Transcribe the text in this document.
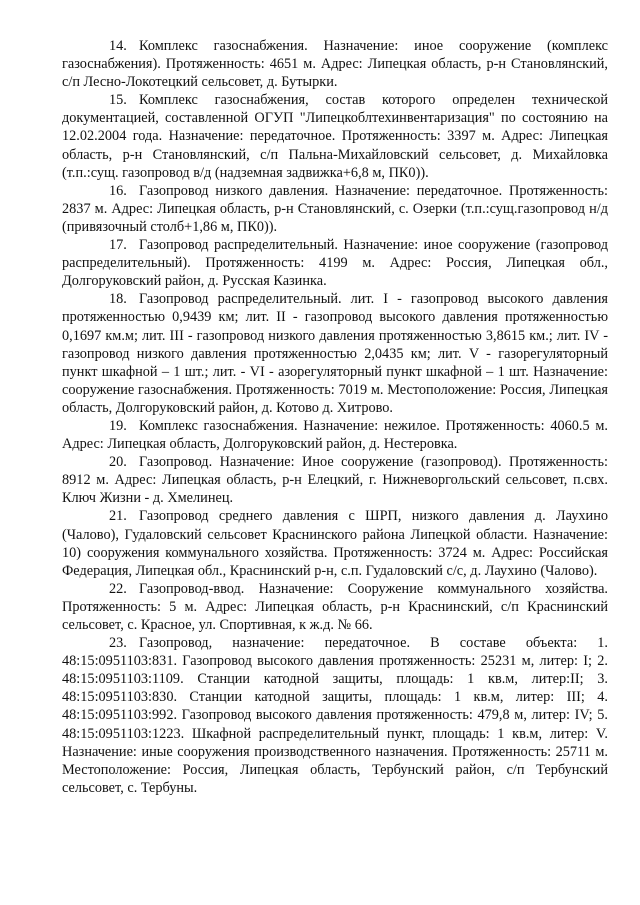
14. Комплекс газоснабжения. Назначение: иное сооружение (комплекс газоснабжения). Протяженность: 4651 м. Адрес: Липецкая область, р-н Становлянский, с/п Лесно-Локотецкий сельсовет, д. Бутырки.

15. Комплекс газоснабжения, состав которого определен технической документацией, составленной ОГУП "Липецкоблтехинвентаризация" по состоянию на 12.02.2004 года. Назначение: передаточное. Протяженность: 3397 м. Адрес: Липецкая область, р-н Становлянский, с/п Пальна-Михайловский сельсовет, д. Михайловка (т.п.:сущ. газопровод в/д (надземная задвижка+6,8 м, ПК0)).

16. Газопровод низкого давления. Назначение: передаточное. Протяженность: 2837 м. Адрес: Липецкая область, р-н Становлянский, с. Озерки (т.п.:сущ.газопровод н/д (привязочный столб+1,86 м, ПК0)).

17. Газопровод распределительный. Назначение: иное сооружение (газопровод распределительный). Протяженность: 4199 м. Адрес: Россия, Липецкая обл., Долгоруковский район, д. Русская Казинка.

18. Газопровод распределительный. лит. I - газопровод высокого давления протяженностью 0,9439 км; лит. II - газопровод высокого давления протяженностью 0,1697 км.м; лит. III - газопровод низкого давления протяженностью 3,8615 км.; лит. IV - газопровод низкого давления протяженностью 2,0435 км; лит. V - газорегуляторный пункт шкафной – 1 шт.; лит. - VI - азорегуляторный пункт шкафной – 1 шт. Назначение: сооружение газоснабжения. Протяженность: 7019 м. Местоположение: Россия, Липецкая область, Долгоруковский район, д. Котово д. Хитрово.

19. Комплекс газоснабжения. Назначение: нежилое. Протяженность: 4060.5 м. Адрес: Липецкая область, Долгоруковский район, д. Нестеровка.

20. Газопровод. Назначение: Иное сооружение (газопровод). Протяженность: 8912 м. Адрес: Липецкая область, р-н Елецкий, г. Нижневоргольский сельсовет, п.свх. Ключ Жизни - д. Хмелинец.

21. Газопровод среднего давления с ШРП, низкого давления д. Лаухино (Чалово), Гудаловский сельсовет Краснинского района Липецкой области. Назначение: 10) сооружения коммунального хозяйства. Протяженность: 3724 м. Адрес: Российская Федерация, Липецкая обл., Краснинский р-н, с.п. Гудаловский с/с, д. Лаухино (Чалово).

22. Газопровод-ввод. Назначение: Сооружение коммунального хозяйства. Протяженность: 5 м. Адрес: Липецкая область, р-н Краснинский, с/п Краснинский сельсовет, с. Красное, ул. Спортивная, к ж.д. № 66.

23. Газопровод, назначение: передаточное. В составе объекта: 1. 48:15:0951103:831. Газопровод высокого давления протяженность: 25231 м, литер: I; 2. 48:15:0951103:1109. Станции катодной защиты, площадь: 1 кв.м, литер:II; 3. 48:15:0951103:830. Станции катодной защиты, площадь: 1 кв.м, литер: III; 4. 48:15:0951103:992. Газопровод высокого давления протяженность: 479,8 м, литер: IV; 5. 48:15:0951103:1223. Шкафной распределительный пункт, площадь: 1 кв.м, литер: V. Назначение: иные сооружения производственного назначения. Протяженность: 25711 м. Местоположение: Россия, Липецкая область, Тербунский район, с/п Тербунский сельсовет, с. Тербуны.
